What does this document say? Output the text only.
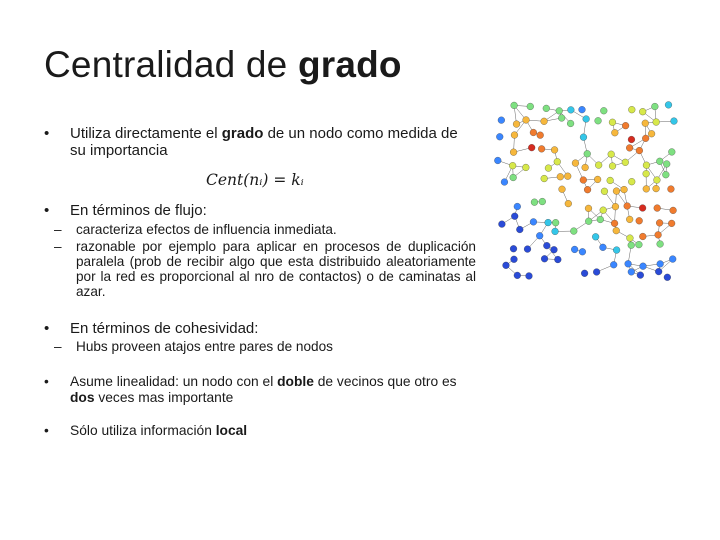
Centralidad de grado
•	Utiliza directamente el grado de un nodo como medida de su importancia
Cent(nᵢ) = kᵢ
•	En términos de flujo:
– caracteriza efectos de influencia inmediata.
– razonable por ejemplo para aplicar en procesos de duplicación paralela (prob de recibir algo que esta distribuido aleatoriamente por la red es proporcional al nro de contactos) o de caminatas al azar.
•	En términos de cohesividad:
– Hubs proveen atajos entre pares de nodos
•	Asume linealidad: un nodo con el doble de vecinos que otro es dos veces mas importante
•	Sólo utiliza información local
